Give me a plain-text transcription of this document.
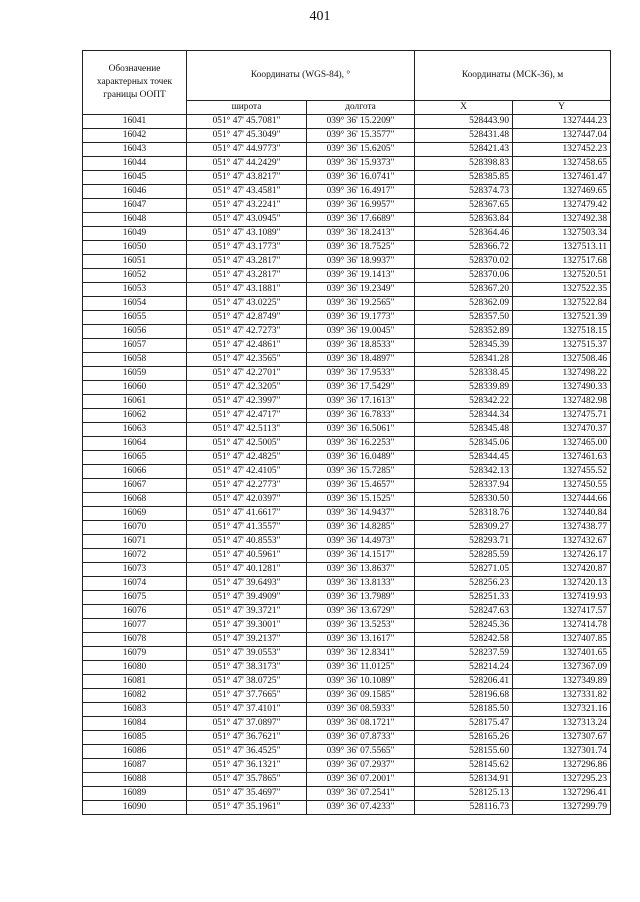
401
Обозначение характерных точек границы ООПТ	Координаты (WGS-84), °		Координаты (МСК-36), м	
	широта	долгота	X	Y
16041	051° 47' 45.7081"	039° 36' 15.2209"	528443.90	1327444.23
16042	051° 47' 45.3049"	039° 36' 15.3577"	528431.48	1327447.04
16043	051° 47' 44.9773"	039° 36' 15.6205"	528421.43	1327452.23
16044	051° 47' 44.2429"	039° 36' 15.9373"	528398.83	1327458.65
16045	051° 47' 43.8217"	039° 36' 16.0741"	528385.85	1327461.47
16046	051° 47' 43.4581"	039° 36' 16.4917"	528374.73	1327469.65
16047	051° 47' 43.2241"	039° 36' 16.9957"	528367.65	1327479.42
16048	051° 47' 43.0945"	039° 36' 17.6689"	528363.84	1327492.38
16049	051° 47' 43.1089"	039° 36' 18.2413"	528364.46	1327503.34
16050	051° 47' 43.1773"	039° 36' 18.7525"	528366.72	1327513.11
16051	051° 47' 43.2817"	039° 36' 18.9937"	528370.02	1327517.68
16052	051° 47' 43.2817"	039° 36' 19.1413"	528370.06	1327520.51
16053	051° 47' 43.1881"	039° 36' 19.2349"	528367.20	1327522.35
16054	051° 47' 43.0225"	039° 36' 19.2565"	528362.09	1327522.84
16055	051° 47' 42.8749"	039° 36' 19.1773"	528357.50	1327521.39
16056	051° 47' 42.7273"	039° 36' 19.0045"	528352.89	1327518.15
16057	051° 47' 42.4861"	039° 36' 18.8533"	528345.39	1327515.37
16058	051° 47' 42.3565"	039° 36' 18.4897"	528341.28	1327508.46
16059	051° 47' 42.2701"	039° 36' 17.9533"	528338.45	1327498.22
16060	051° 47' 42.3205"	039° 36' 17.5429"	528339.89	1327490.33
16061	051° 47' 42.3997"	039° 36' 17.1613"	528342.22	1327482.98
16062	051° 47' 42.4717"	039° 36' 16.7833"	528344.34	1327475.71
16063	051° 47' 42.5113"	039° 36' 16.5061"	528345.48	1327470.37
16064	051° 47' 42.5005"	039° 36' 16.2253"	528345.06	1327465.00
16065	051° 47' 42.4825"	039° 36' 16.0489"	528344.45	1327461.63
16066	051° 47' 42.4105"	039° 36' 15.7285"	528342.13	1327455.52
16067	051° 47' 42.2773"	039° 36' 15.4657"	528337.94	1327450.55
16068	051° 47' 42.0397"	039° 36' 15.1525"	528330.50	1327444.66
16069	051° 47' 41.6617"	039° 36' 14.9437"	528318.76	1327440.84
16070	051° 47' 41.3557"	039° 36' 14.8285"	528309.27	1327438.77
16071	051° 47' 40.8553"	039° 36' 14.4973"	528293.71	1327432.67
16072	051° 47' 40.5961"	039° 36' 14.1517"	528285.59	1327426.17
16073	051° 47' 40.1281"	039° 36' 13.8637"	528271.05	1327420.87
16074	051° 47' 39.6493"	039° 36' 13.8133"	528256.23	1327420.13
16075	051° 47' 39.4909"	039° 36' 13.7989"	528251.33	1327419.93
16076	051° 47' 39.3721"	039° 36' 13.6729"	528247.63	1327417.57
16077	051° 47' 39.3001"	039° 36' 13.5253"	528245.36	1327414.78
16078	051° 47' 39.2137"	039° 36' 13.1617"	528242.58	1327407.85
16079	051° 47' 39.0553"	039° 36' 12.8341"	528237.59	1327401.65
16080	051° 47' 38.3173"	039° 36' 11.0125"	528214.24	1327367.09
16081	051° 47' 38.0725"	039° 36' 10.1089"	528206.41	1327349.89
16082	051° 47' 37.7665"	039° 36' 09.1585"	528196.68	1327331.82
16083	051° 47' 37.4101"	039° 36' 08.5933"	528185.50	1327321.16
16084	051° 47' 37.0897"	039° 36' 08.1721"	528175.47	1327313.24
16085	051° 47' 36.7621"	039° 36' 07.8733"	528165.26	1327307.67
16086	051° 47' 36.4525"	039° 36' 07.5565"	528155.60	1327301.74
16087	051° 47' 36.1321"	039° 36' 07.2937"	528145.62	1327296.86
16088	051° 47' 35.7865"	039° 36' 07.2001"	528134.91	1327295.23
16089	051° 47' 35.4697"	039° 36' 07.2541"	528125.13	1327296.41
16090	051° 47' 35.1961"	039° 36' 07.4233"	528116.73	1327299.79
